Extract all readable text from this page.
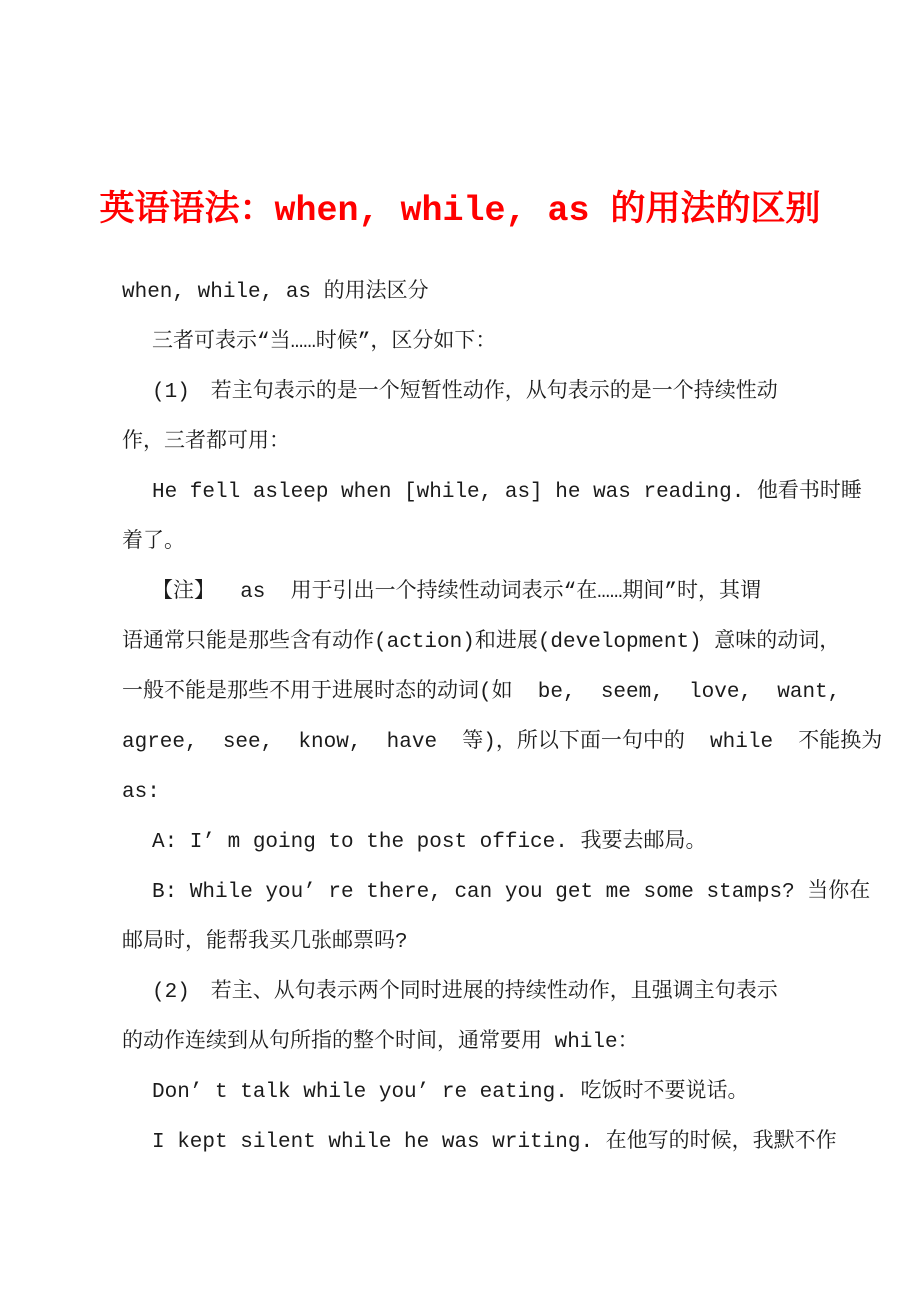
英语语法：when, while, as 的用法的区别
when, while, as 的用法区分
三者可表示“当……时候”，区分如下：
(1)　若主句表示的是一个短暂性动作，从句表示的是一个持续性动
作，三者都可用：
He fell asleep when [while, as] he was reading. 他看书时睡
着了。
【注】  as  用于引出一个持续性动词表示“在……期间”时，其谓
语通常只能是那些含有动作(action)和进展(development) 意味的动词，
一般不能是那些不用于进展时态的动词(如  be,  seem,  love,  want,
agree,  see,  know,  have  等)，所以下面一句中的  while  不能换为
as:
A: I’ m going to the post office. 我要去邮局。
B: While you’ re there, can you get me some stamps? 当你在
邮局时，能帮我买几张邮票吗?
(2)　若主、从句表示两个同时进展的持续性动作，且强调主句表示
的动作连续到从句所指的整个时间，通常要用 while：
Don’ t talk while you’ re eating. 吃饭时不要说话。
I kept silent while he was writing. 在他写的时候，我默不作
